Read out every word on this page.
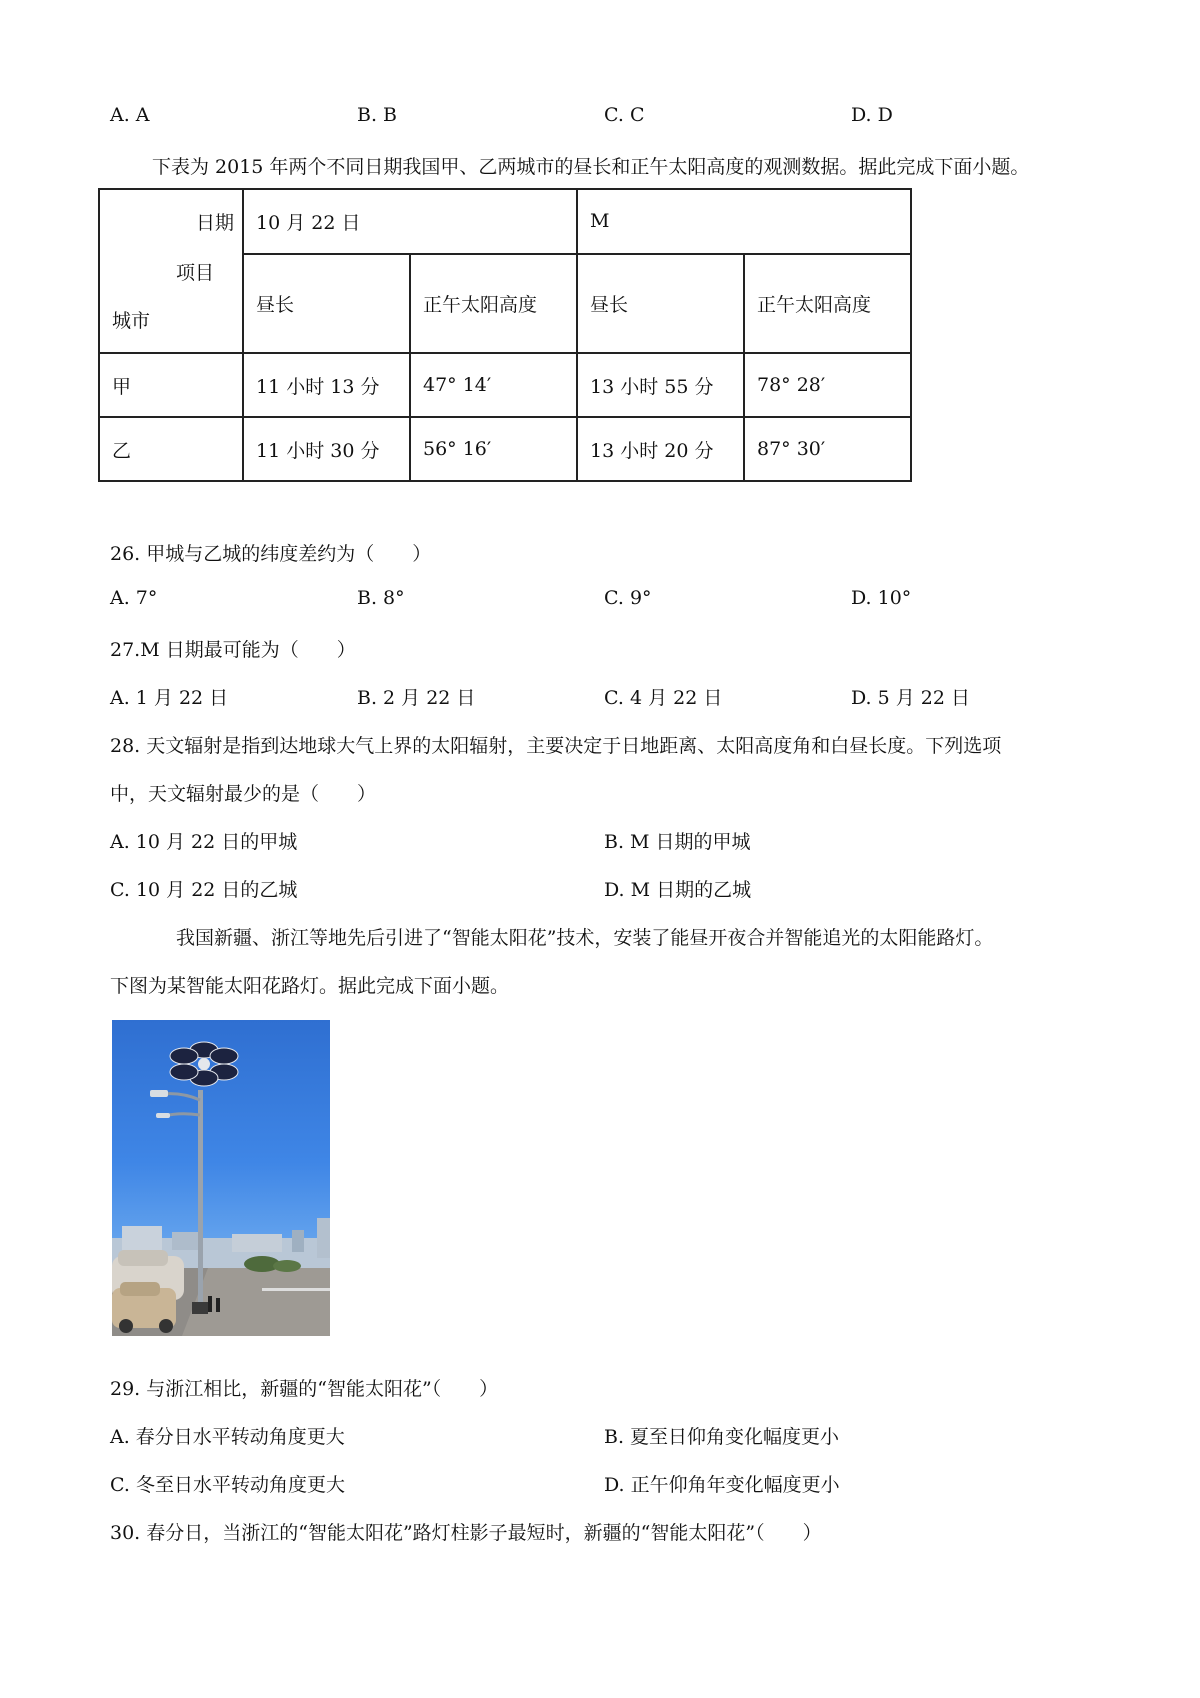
A. A	B. B	C. C	D. D
下表为 2015 年两个不同日期我国甲、乙两城市的昼长和正午太阳高度的观测数据。据此完成下面小题。
日期
项目
城市	10 月 22 日		M	
	昼长	正午太阳高度	昼长	正午太阳高度
甲	11 小时 13 分	47° 14′	13 小时 55 分	78° 28′
乙	11 小时 30 分	56° 16′	13 小时 20 分	87° 30′
26. 甲城与乙城的纬度差约为（　　）
A. 7°	B. 8°	C. 9°	D. 10°
27.M 日期最可能为（　　）
A. 1 月 22 日	B. 2 月 22 日	C. 4 月 22 日	D. 5 月 22 日
28. 天文辐射是指到达地球大气上界的太阳辐射，主要决定于日地距离、太阳高度角和白昼长度。下列选项
中，天文辐射最少的是（　　）
A. 10 月 22 日的甲城	B. M 日期的甲城
C. 10 月 22 日的乙城	D. M 日期的乙城
我国新疆、浙江等地先后引进了“智能太阳花”技术，安装了能昼开夜合并智能追光的太阳能路灯。
下图为某智能太阳花路灯。据此完成下面小题。
29. 与浙江相比，新疆的“智能太阳花”（　　）
A. 春分日水平转动角度更大	B. 夏至日仰角变化幅度更小
C. 冬至日水平转动角度更大	D. 正午仰角年变化幅度更小
30. 春分日，当浙江的“智能太阳花”路灯柱影子最短时，新疆的“智能太阳花”（　　）
